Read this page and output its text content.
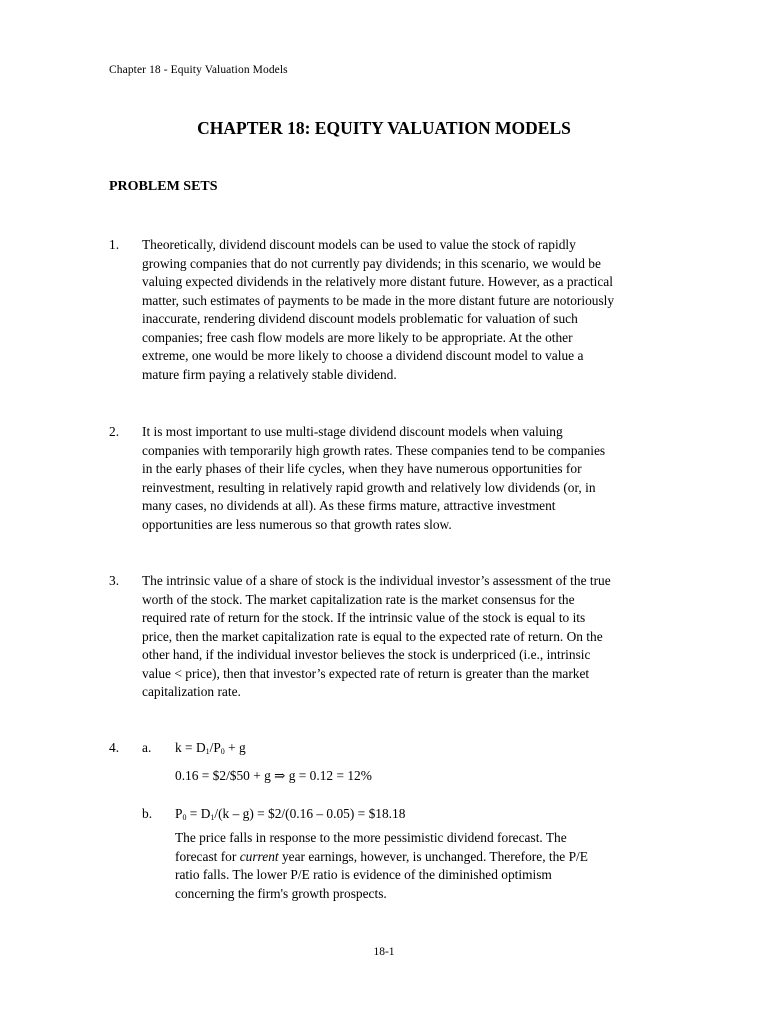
Chapter 18 - Equity Valuation Models
CHAPTER 18: EQUITY VALUATION MODELS
PROBLEM SETS
1. Theoretically, dividend discount models can be used to value the stock of rapidly
growing companies that do not currently pay dividends; in this scenario, we would be
valuing expected dividends in the relatively more distant future. However, as a practical
matter, such estimates of payments to be made in the more distant future are notoriously
inaccurate, rendering dividend discount models problematic for valuation of such
companies; free cash flow models are more likely to be appropriate. At the other
extreme, one would be more likely to choose a dividend discount model to value a
mature firm paying a relatively stable dividend.
2. It is most important to use multi-stage dividend discount models when valuing
companies with temporarily high growth rates. These companies tend to be companies
in the early phases of their life cycles, when they have numerous opportunities for
reinvestment, resulting in relatively rapid growth and relatively low dividends (or, in
many cases, no dividends at all). As these firms mature, attractive investment
opportunities are less numerous so that growth rates slow.
3. The intrinsic value of a share of stock is the individual investor’s assessment of the true
worth of the stock. The market capitalization rate is the market consensus for the
required rate of return for the stock. If the intrinsic value of the stock is equal to its
price, then the market capitalization rate is equal to the expected rate of return. On the
other hand, if the individual investor believes the stock is underpriced (i.e., intrinsic
value < price), then that investor’s expected rate of return is greater than the market
capitalization rate.
4. a. $k = D_1/P_0 + g$
0.16 = $2/$50 + g ⇒ g = 0.12 = 12%
b. $P_0 = D_1/(k - g)$ = $2/(0.16 – 0.05) = $18.18
The price falls in response to the more pessimistic dividend forecast. The
forecast for current year earnings, however, is unchanged. Therefore, the P/E
ratio falls. The lower P/E ratio is evidence of the diminished optimism
concerning the firm's growth prospects.
18-1
